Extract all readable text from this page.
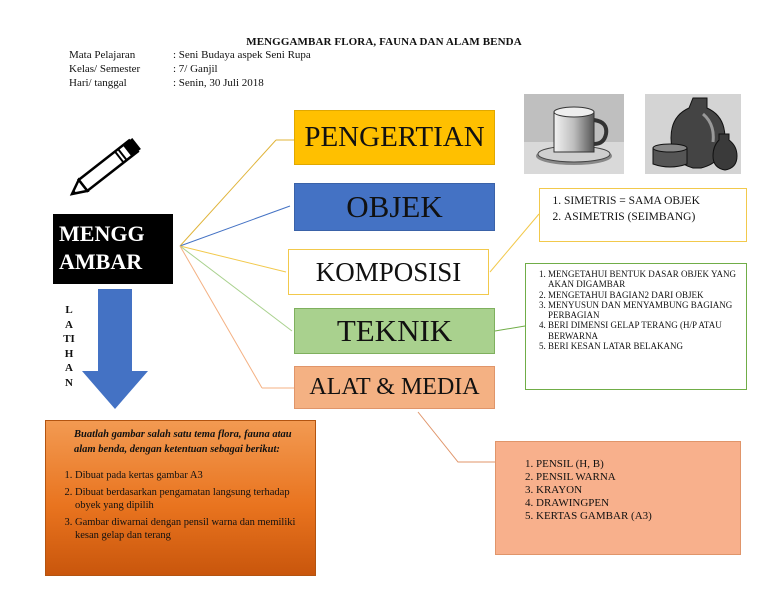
MENGGAMBAR FLORA, FAUNA DAN ALAM BENDA
Mata Pelajaran	: Seni Budaya aspek Seni Rupa
Kelas/ Semester	: 7/ Ganjil
Hari/ tanggal	: Senin, 30 Juli 2018
MENGG AMBAR
LATIHAN
PENGERTIAN
OBJEK
KOMPOSISI
TEKNIK
ALAT & MEDIA
1. SIMETRIS = SAMA OBJEK
2. ASIMETRIS (SEIMBANG)
1. MENGETAHUI BENTUK DASAR OBJEK YANG AKAN DIGAMBAR
2. MENGETAHUI BAGIAN2 DARI OBJEK
3. MENYUSUN DAN MENYAMBUNG BAGIANG PERBAGIAN
4. BERI DIMENSI GELAP TERANG (H/P ATAU BERWARNA
5. BERI KESAN LATAR BELAKANG
1. PENSIL (H, B)
2. PENSIL WARNA
3. KRAYON
4. DRAWINGPEN
5. KERTAS GAMBAR (A3)
Buatlah gambar salah satu tema flora, fauna atau alam benda, dengan ketentuan sebagai berikut:
1. Dibuat pada kertas gambar A3
2. Dibuat berdasarkan pengamatan langsung terhadap obyek yang dipilih
3. Gambar diwarnai dengan pensil warna dan memiliki kesan gelap dan terang
